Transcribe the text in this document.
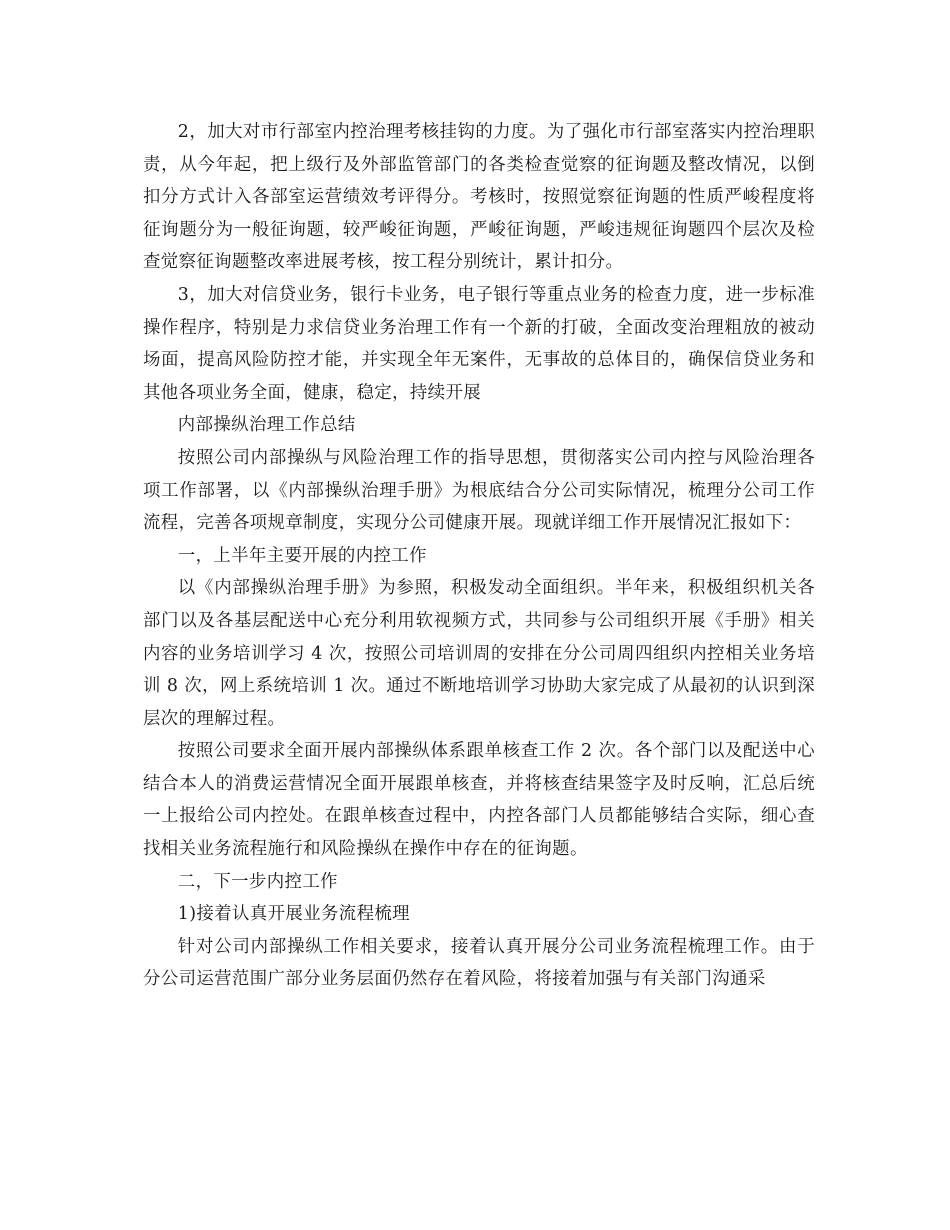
2，加大对市行部室内控治理考核挂钩的力度。为了强化市行部室落实内控治理职责，从今年起，把上级行及外部监管部门的各类检查觉察的征询题及整改情况，以倒扣分方式计入各部室运营绩效考评得分。考核时，按照觉察征询题的性质严峻程度将征询题分为一般征询题，较严峻征询题，严峻征询题，严峻违规征询题四个层次及检查觉察征询题整改率进展考核，按工程分别统计，累计扣分。

3，加大对信贷业务，银行卡业务，电子银行等重点业务的检查力度，进一步标准操作程序，特别是力求信贷业务治理工作有一个新的打破，全面改变治理粗放的被动场面，提高风险防控才能，并实现全年无案件，无事故的总体目的，确保信贷业务和其他各项业务全面，健康，稳定，持续开展

内部操纵治理工作总结

按照公司内部操纵与风险治理工作的指导思想，贯彻落实公司内控与风险治理各项工作部署，以《内部操纵治理手册》为根底结合分公司实际情况，梳理分公司工作流程，完善各项规章制度，实现分公司健康开展。现就详细工作开展情况汇报如下：

一，上半年主要开展的内控工作

以《内部操纵治理手册》为参照，积极发动全面组织。半年来，积极组织机关各部门以及各基层配送中心充分利用软视频方式，共同参与公司组织开展《手册》相关内容的业务培训学习 4 次，按照公司培训周的安排在分公司周四组织内控相关业务培训 8 次，网上系统培训 1 次。通过不断地培训学习协助大家完成了从最初的认识到深层次的理解过程。

按照公司要求全面开展内部操纵体系跟单核查工作 2 次。各个部门以及配送中心结合本人的消费运营情况全面开展跟单核查，并将核查结果签字及时反响，汇总后统一上报给公司内控处。在跟单核查过程中，内控各部门人员都能够结合实际，细心查找相关业务流程施行和风险操纵在操作中存在的征询题。

二，下一步内控工作

1)接着认真开展业务流程梳理

针对公司内部操纵工作相关要求，接着认真开展分公司业务流程梳理工作。由于分公司运营范围广部分业务层面仍然存在着风险，将接着加强与有关部门沟通采
